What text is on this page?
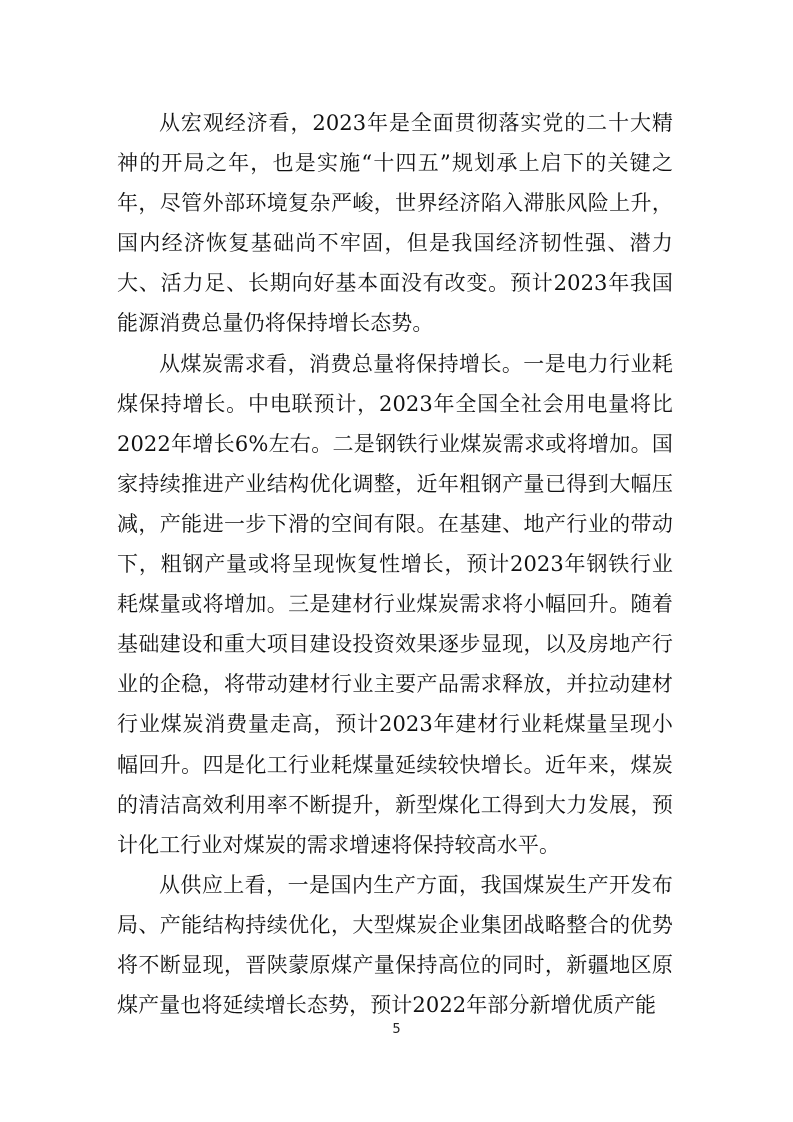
从宏观经济看，2023年是全面贯彻落实党的二十大精神的开局之年，也是实施“十四五”规划承上启下的关键之年，尽管外部环境复杂严峻，世界经济陷入滞胀风险上升，国内经济恢复基础尚不牢固，但是我国经济韧性强、潜力大、活力足、长期向好基本面没有改变。预计2023年我国能源消费总量仍将保持增长态势。

从煤炭需求看，消费总量将保持增长。一是电力行业耗煤保持增长。中电联预计，2023年全国全社会用电量将比2022年增长6%左右。二是钢铁行业煤炭需求或将增加。国家持续推进产业结构优化调整，近年粗钢产量已得到大幅压减，产能进一步下滑的空间有限。在基建、地产行业的带动下，粗钢产量或将呈现恢复性增长，预计2023年钢铁行业耗煤量或将增加。三是建材行业煤炭需求将小幅回升。随着基础建设和重大项目建设投资效果逐步显现，以及房地产行业的企稳，将带动建材行业主要产品需求释放，并拉动建材行业煤炭消费量走高，预计2023年建材行业耗煤量呈现小幅回升。四是化工行业耗煤量延续较快增长。近年来，煤炭的清洁高效利用率不断提升，新型煤化工得到大力发展，预计化工行业对煤炭的需求增速将保持较高水平。

从供应上看，一是国内生产方面，我国煤炭生产开发布局、产能结构持续优化，大型煤炭企业集团战略整合的优势将不断显现，晋陕蒙原煤产量保持高位的同时，新疆地区原煤产量也将延续增长态势，预计2022年部分新增优质产能

5
